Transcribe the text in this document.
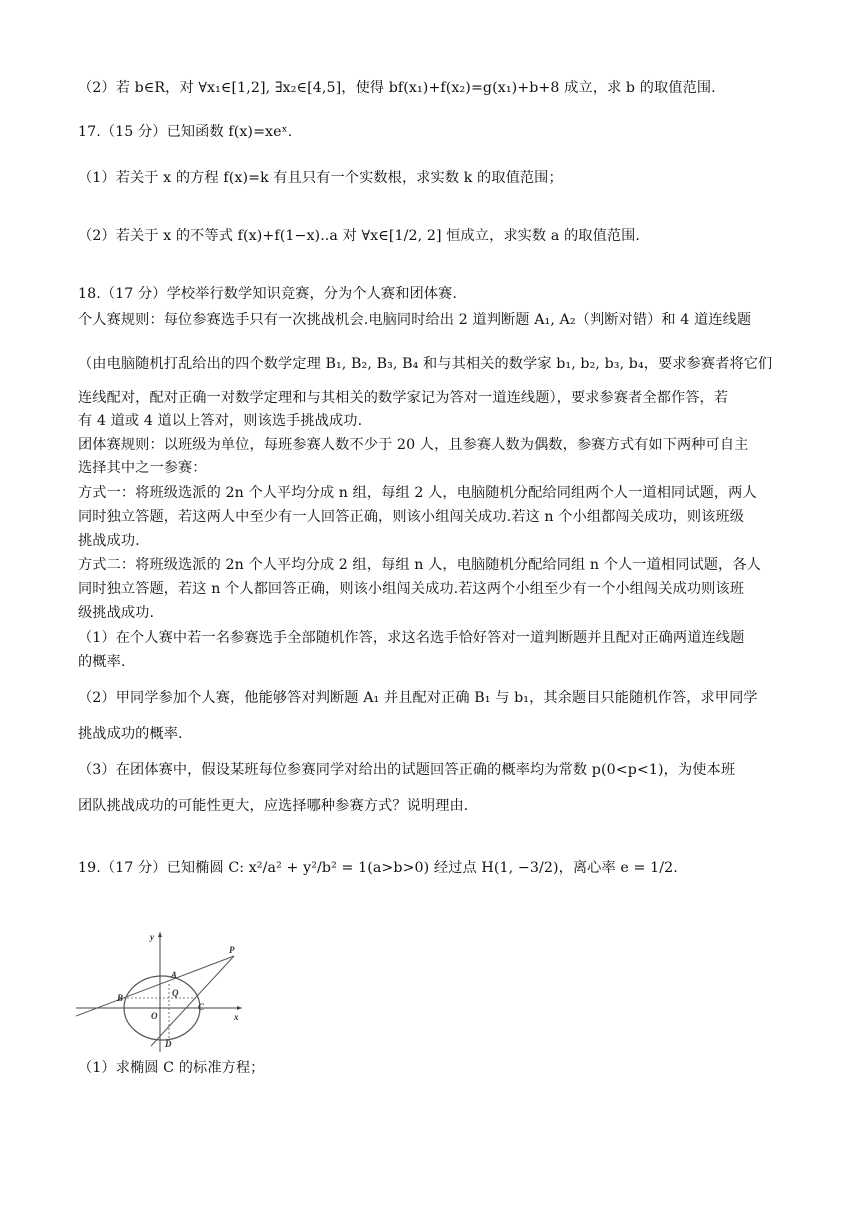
（2）若 b∈R，对 ∀x₁∈[1,2], ∃x₂∈[4,5]，使得 bf(x₁)+f(x₂)=g(x₁)+b+8 成立，求 b 的取值范围.
17.（15 分）已知函数 f(x)=xeˣ.
（1）若关于 x 的方程 f(x)=k 有且只有一个实数根，求实数 k 的取值范围；
（2）若关于 x 的不等式 f(x)+f(1−x)..a 对 ∀x∈[1/2, 2] 恒成立，求实数 a 的取值范围.
18.（17 分）学校举行数学知识竞赛，分为个人赛和团体赛.
个人赛规则：每位参赛选手只有一次挑战机会.电脑同时给出 2 道判断题 A₁, A₂（判断对错）和 4 道连线题
（由电脑随机打乱给出的四个数学定理 B₁, B₂, B₃, B₄ 和与其相关的数学家 b₁, b₂, b₃, b₄，要求参赛者将它们
连线配对，配对正确一对数学定理和与其相关的数学家记为答对一道连线题），要求参赛者全都作答，若
有 4 道或 4 道以上答对，则该选手挑战成功.
团体赛规则：以班级为单位，每班参赛人数不少于 20 人，且参赛人数为偶数，参赛方式有如下两种可自主
选择其中之一参赛：
方式一：将班级选派的 2n 个人平均分成 n 组，每组 2 人，电脑随机分配给同组两个人一道相同试题，两人
同时独立答题，若这两人中至少有一人回答正确，则该小组闯关成功.若这 n 个小组都闯关成功，则该班级
挑战成功.
方式二：将班级选派的 2n 个人平均分成 2 组，每组 n 人，电脑随机分配给同组 n 个人一道相同试题，各人
同时独立答题，若这 n 个人都回答正确，则该小组闯关成功.若这两个小组至少有一个小组闯关成功则该班
级挑战成功.
（1）在个人赛中若一名参赛选手全部随机作答，求这名选手恰好答对一道判断题并且配对正确两道连线题
的概率.
（2）甲同学参加个人赛，他能够答对判断题 A₁ 并且配对正确 B₁ 与 b₁，其余题目只能随机作答，求甲同学
挑战成功的概率.
（3）在团体赛中，假设某班每位参赛同学对给出的试题回答正确的概率均为常数 p(0<p<1)，为使本班
团队挑战成功的可能性更大，应选择哪种参赛方式？说明理由.
19.（17 分）已知椭圆 C: x²/a² + y²/b² = 1(a>b>0) 经过点 H(1, −3/2)，离心率 e = 1/2.
y
x
A
B
C
D
O
Q
P
（1）求椭圆 C 的标准方程；
